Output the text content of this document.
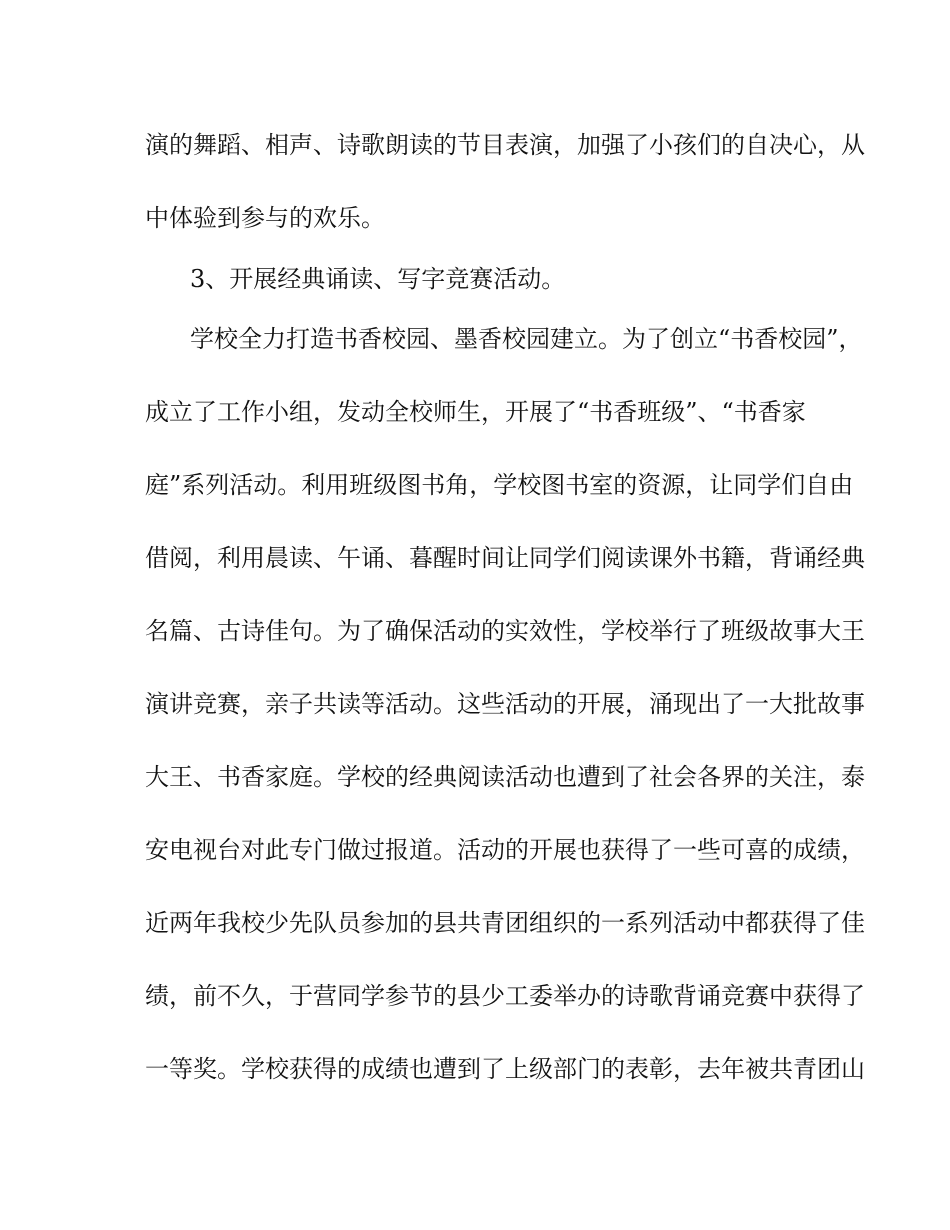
演的舞蹈、相声、诗歌朗读的节目表演，加强了小孩们的自决心，从

中体验到参与的欢乐。

3、开展经典诵读、写字竞赛活动。

学校全力打造书香校园、墨香校园建立。为了创立“书香校园”，

成立了工作小组，发动全校师生，开展了“书香班级”、“书香家

庭”系列活动。利用班级图书角，学校图书室的资源，让同学们自由

借阅，利用晨读、午诵、暮醒时间让同学们阅读课外书籍，背诵经典

名篇、古诗佳句。为了确保活动的实效性，学校举行了班级故事大王

演讲竞赛，亲子共读等活动。这些活动的开展，涌现出了一大批故事

大王、书香家庭。学校的经典阅读活动也遭到了社会各界的关注，泰

安电视台对此专门做过报道。活动的开展也获得了一些可喜的成绩，

近两年我校少先队员参加的县共青团组织的一系列活动中都获得了佳

绩，前不久，于营同学参节的县少工委举办的诗歌背诵竞赛中获得了

一等奖。学校获得的成绩也遭到了上级部门的表彰，去年被共青团山
